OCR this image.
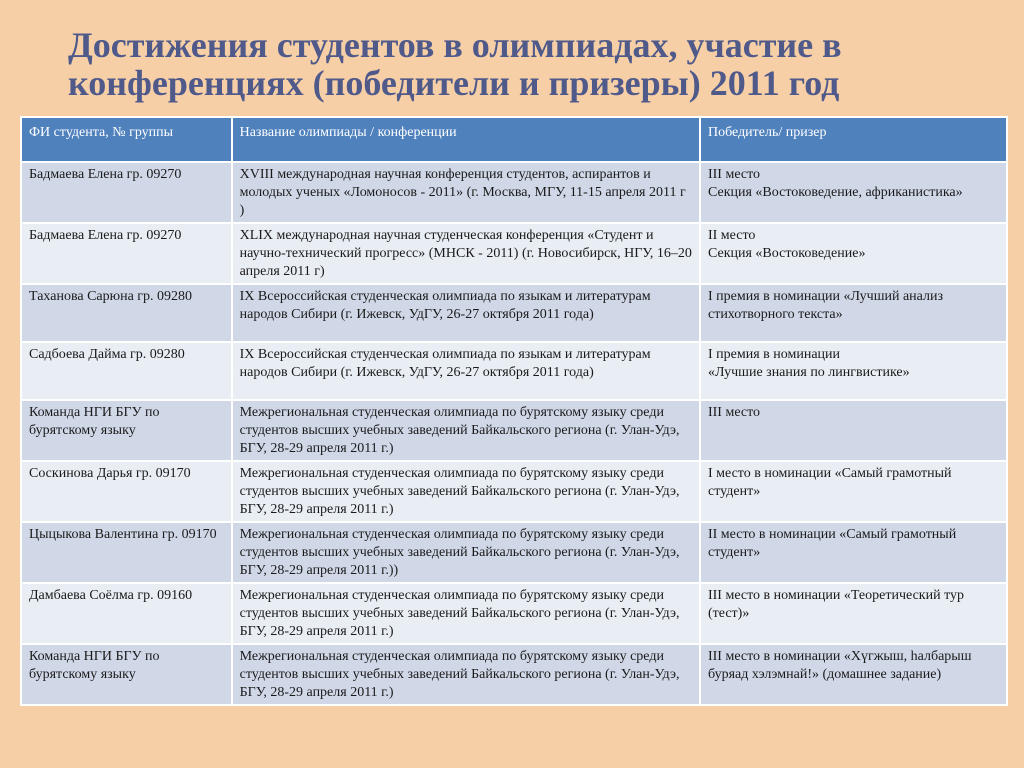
Достижения студентов в олимпиадах, участие в конференциях (победители и призеры) 2011 год
ФИ студента, № группы	Название олимпиады / конференции	Победитель/ призер
Бадмаева Елена гр. 09270	XVIII международная научная конференция студентов, аспирантов и молодых ученых «Ломоносов - 2011» (г. Москва, МГУ, 11-15 апреля 2011 г )	III место
Секция «Востоковедение, африканистика»

Бадмаева Елена гр. 09270	XLIX международная научная студенческая конференция «Студент и научно-технический прогресс» (МНСК - 2011) (г. Новосибирск, НГУ, 16–20 апреля 2011 г)	II место
Секция «Востоковедение»

Таханова Сарюна гр. 09280	IX Всероссийская студенческая олимпиада по языкам и литературам народов Сибири (г. Ижевск, УдГУ, 26-27 октября 2011 года)	I премия в номинации «Лучший анализ стихотворного текста»

Садбоева Дайма гр. 09280	IX Всероссийская студенческая олимпиада по языкам и литературам народов Сибири (г. Ижевск, УдГУ, 26-27 октября 2011 года)	I премия в номинации
«Лучшие знания по лингвистике»

Команда НГИ БГУ по бурятскому языку	Межрегиональная студенческая олимпиада по бурятскому языку среди студентов высших учебных заведений Байкальского региона (г. Улан-Удэ, БГУ, 28-29 апреля 2011 г.)	III место

Соскинова Дарья гр. 09170	Межрегиональная студенческая олимпиада по бурятскому языку среди студентов высших учебных заведений Байкальского региона (г. Улан-Удэ, БГУ, 28-29 апреля 2011 г.)	I место в номинации «Самый грамотный студент»

Цыцыкова Валентина гр. 09170	Межрегиональная студенческая олимпиада по бурятскому языку среди студентов высших учебных заведений Байкальского региона (г. Улан-Удэ, БГУ, 28-29 апреля 2011 г.))	II место в номинации «Самый грамотный студент»

Дамбаева Соёлма гр. 09160	Межрегиональная студенческая олимпиада по бурятскому языку среди студентов высших учебных заведений Байкальского региона (г. Улан-Удэ, БГУ, 28-29 апреля 2011 г.)	III место в номинации «Теоретический тур (тест)»

Команда НГИ БГУ по бурятскому языку	Межрегиональная студенческая олимпиада по бурятскому языку среди студентов высших учебных заведений Байкальского региона (г. Улан-Удэ, БГУ, 28-29 апреля 2011 г.)	III место в номинации «Хүгжыш, һалбарыш буряад хэлэмнай!» (домашнее задание)
